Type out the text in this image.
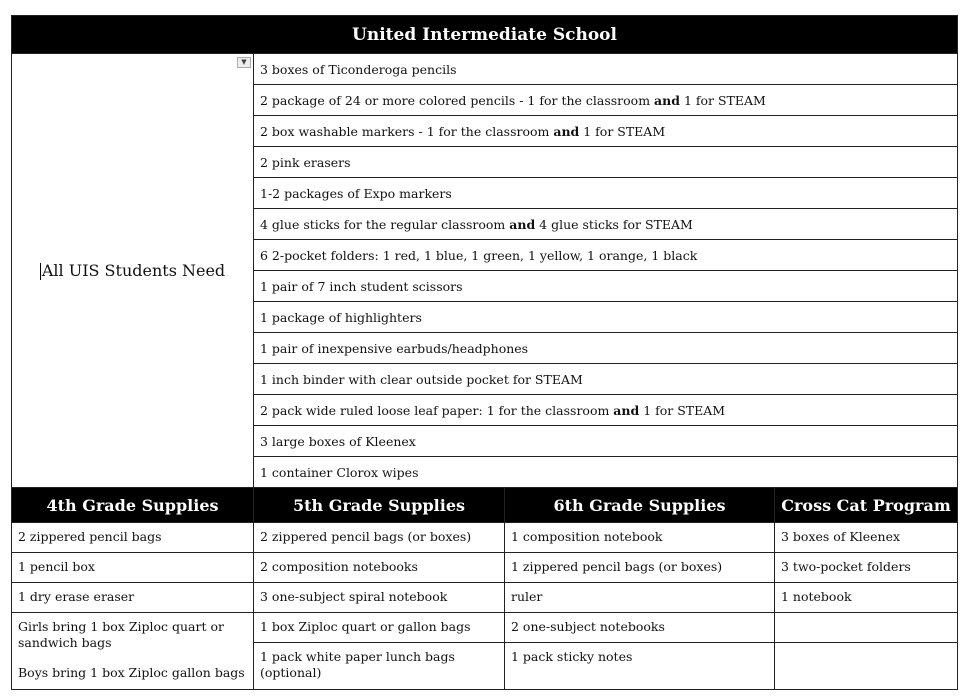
United Intermediate School			

▼
All UIS Students Need	3 boxes of Ticonderoga pencils		
	2 package of 24 or more colored pencils - 1 for the classroom and 1 for STEAM		
	2 box washable markers - 1 for the classroom and 1 for STEAM		
	2 pink erasers		
	1-2 packages of Expo markers		
	4 glue sticks for the regular classroom and 4 glue sticks for STEAM		
	6 2-pocket folders: 1 red, 1 blue, 1 green, 1 yellow, 1 orange, 1 black		
	1 pair of 7 inch student scissors		
	1 package of highlighters		
	1 pair of inexpensive earbuds/headphones		
	1 inch binder with clear outside pocket for STEAM		
	2 pack wide ruled loose leaf paper: 1 for the classroom and 1 for STEAM		
	3 large boxes of Kleenex		
	1 container Clorox wipes		
4th Grade Supplies	5th Grade Supplies	6th Grade Supplies	Cross Cat Program
2 zippered pencil bags	2 zippered pencil bags (or boxes)	1 composition notebook	3 boxes of Kleenex
1 pencil box	2 composition notebooks	1 zippered pencil bags (or boxes)	3 two-pocket folders
1 dry erase eraser	3 one-subject spiral notebook	ruler	1 notebook
Girls bring 1 box Ziploc quart or sandwich bags
Boys bring 1 box Ziploc gallon bags	1 box Ziploc quart or gallon bags	2 one-subject notebooks	
	1 pack white paper lunch bags (optional)	1 pack sticky notes	
